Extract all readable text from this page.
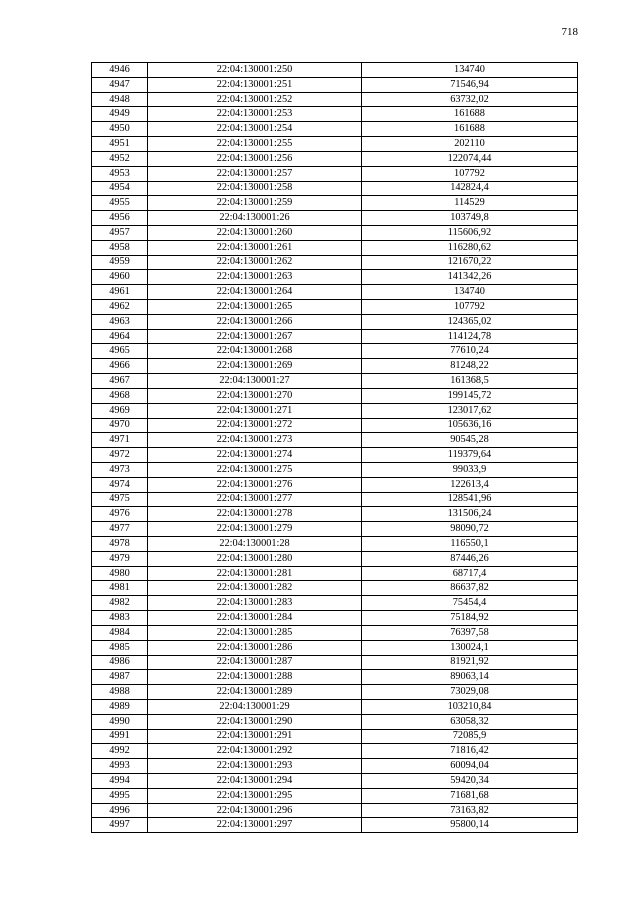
718
4946	22:04:130001:250	134740
4947	22:04:130001:251	71546,94
4948	22:04:130001:252	63732,02
4949	22:04:130001:253	161688
4950	22:04:130001:254	161688
4951	22:04:130001:255	202110
4952	22:04:130001:256	122074,44
4953	22:04:130001:257	107792
4954	22:04:130001:258	142824,4
4955	22:04:130001:259	114529
4956	22:04:130001:26	103749,8
4957	22:04:130001:260	115606,92
4958	22:04:130001:261	116280,62
4959	22:04:130001:262	121670,22
4960	22:04:130001:263	141342,26
4961	22:04:130001:264	134740
4962	22:04:130001:265	107792
4963	22:04:130001:266	124365,02
4964	22:04:130001:267	114124,78
4965	22:04:130001:268	77610,24
4966	22:04:130001:269	81248,22
4967	22:04:130001:27	161368,5
4968	22:04:130001:270	199145,72
4969	22:04:130001:271	123017,62
4970	22:04:130001:272	105636,16
4971	22:04:130001:273	90545,28
4972	22:04:130001:274	119379,64
4973	22:04:130001:275	99033,9
4974	22:04:130001:276	122613,4
4975	22:04:130001:277	128541,96
4976	22:04:130001:278	131506,24
4977	22:04:130001:279	98090,72
4978	22:04:130001:28	116550,1
4979	22:04:130001:280	87446,26
4980	22:04:130001:281	68717,4
4981	22:04:130001:282	86637,82
4982	22:04:130001:283	75454,4
4983	22:04:130001:284	75184,92
4984	22:04:130001:285	76397,58
4985	22:04:130001:286	130024,1
4986	22:04:130001:287	81921,92
4987	22:04:130001:288	89063,14
4988	22:04:130001:289	73029,08
4989	22:04:130001:29	103210,84
4990	22:04:130001:290	63058,32
4991	22:04:130001:291	72085,9
4992	22:04:130001:292	71816,42
4993	22:04:130001:293	60094,04
4994	22:04:130001:294	59420,34
4995	22:04:130001:295	71681,68
4996	22:04:130001:296	73163,82
4997	22:04:130001:297	95800,14
